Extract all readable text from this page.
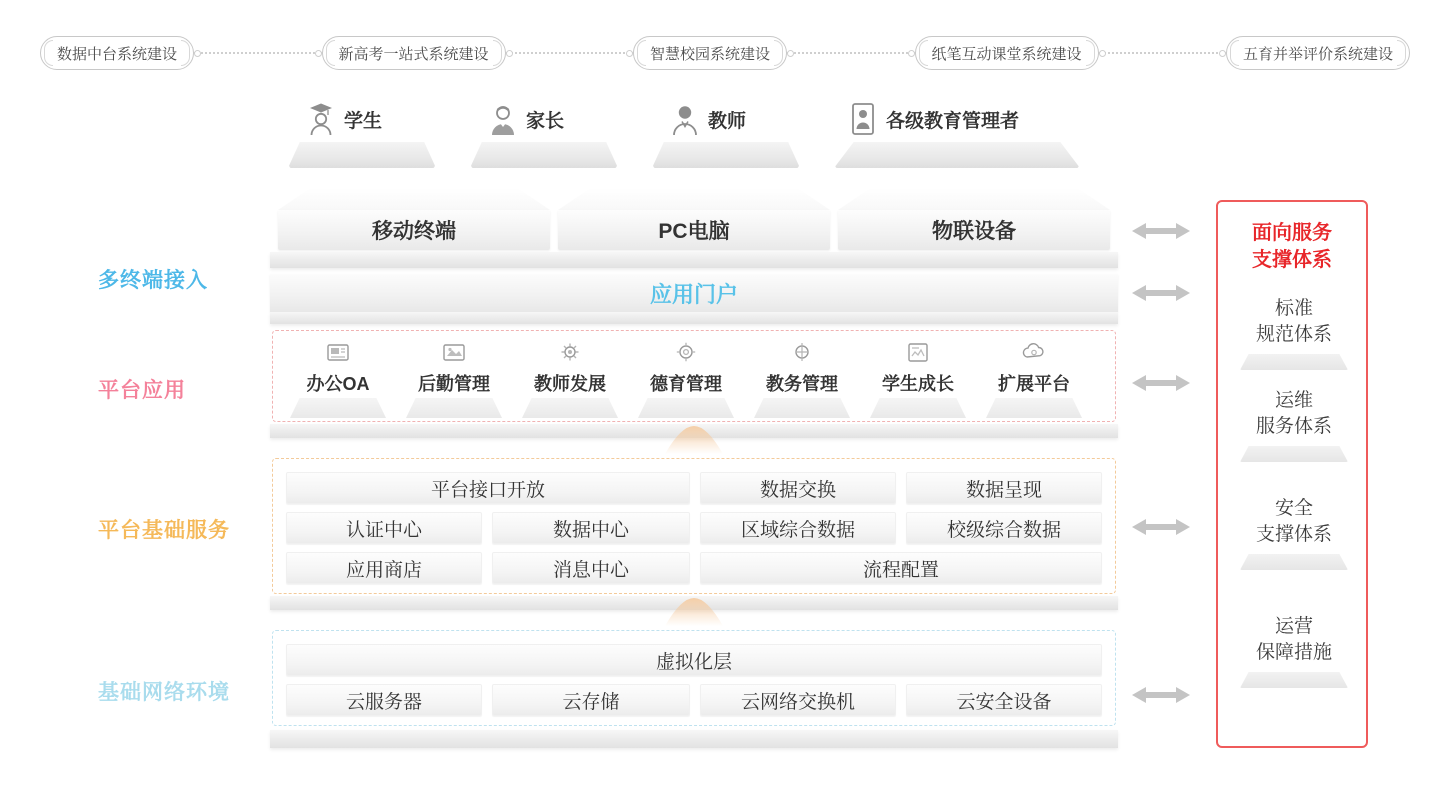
数据中台系统建设	新高考一站式系统建设	智慧校园系统建设	纸笔互动课堂系统建设	五育并举评价系统建设
学生	家长	教师	各级教育管理者
多终端接入
平台应用
平台基础服务
基础网络环境
移动终端	PC电脑	物联设备
应用门户
办公OA	后勤管理	教师发展	德育管理	教务管理	学生成长	扩展平台
平台接口开放	数据交换	数据呈现
认证中心	数据中心	区域综合数据	校级综合数据
应用商店	消息中心	流程配置
虚拟化层
云服务器	云存储	云网络交换机	云安全设备
面向服务
支撑体系
标准
规范体系
运维
服务体系
安全
支撑体系
运营
保障措施
